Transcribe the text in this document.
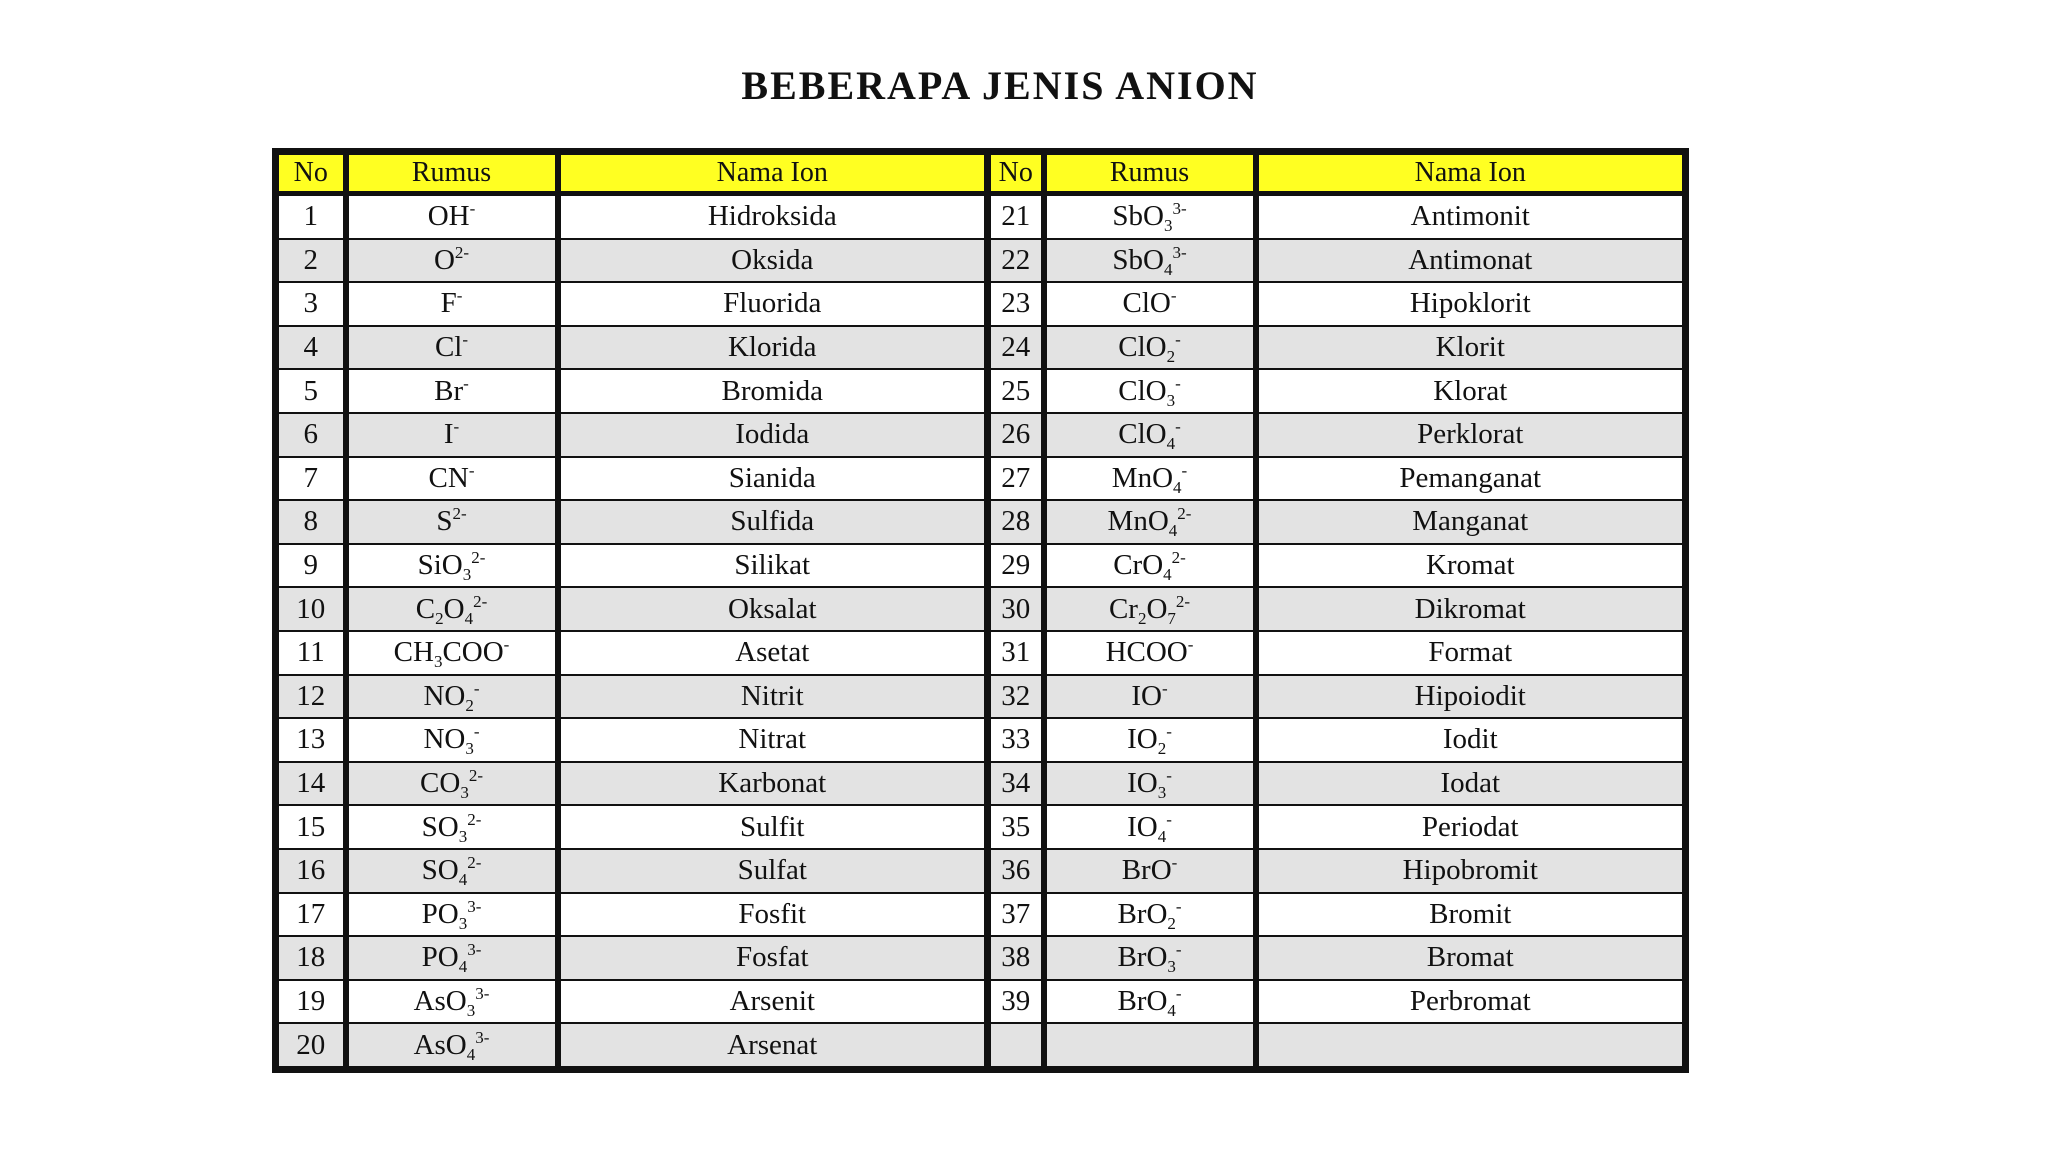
BEBERAPA JENIS ANION
No	Rumus	Nama Ion	No	Rumus	Nama Ion
1	OH-	Hidroksida	21	SbO$_3^{3-}$	Antimonit
2	$O^{2-}$	Oksida	22	SbO$_4^{3-}$	Antimonat
3	F-	Fluorida	23	ClO-	Hipoklorit
4	Cl-	Klorida	24	ClO$_2$-	Klorit
5	Br-	Bromida	25	ClO$_3$-	Klorat
6	I-	Iodida	26	ClO$_4$-	Perklorat
7	CN-	Sianida	27	MnO$_4$-	Pemanganat
8	$S^{2-}$	Sulfida	28	MnO$_4^{2-}$	Manganat
9	SiO$_3^{2-}$	Silikat	29	CrO$_4^{2-}$	Kromat
10	$C_2O_4^{2-}$	Oksalat	30	$Cr_2O_7^{2-}$	Dikromat
11	$CH_3COO^-$	Asetat	31	HCOO-	Format
12	$NO_2^-$	Nitrit	32	IO-	Hipoiodit
13	$NO_3^-$	Nitrat	33	$IO_2^-$	Iodit
14	$CO_3^{2-}$	Karbonat	34	$IO_3^-$	Iodat
15	$SO_3^{2-}$	Sulfit	35	$IO_4^-$	Periodat
16	$SO_4^{2-}$	Sulfat	36	BrO-	Hipobromit
17	$PO_3^{3-}$	Fosfit	37	BrO$_2$-	Bromit
18	$PO_4^{3-}$	Fosfat	38	BrO$_3$-	Bromat
19	AsO$_3^{3-}$	Arsenit	39	BrO$_4$-	Perbromat
20	AsO$_4^{3-}$	Arsenat			
